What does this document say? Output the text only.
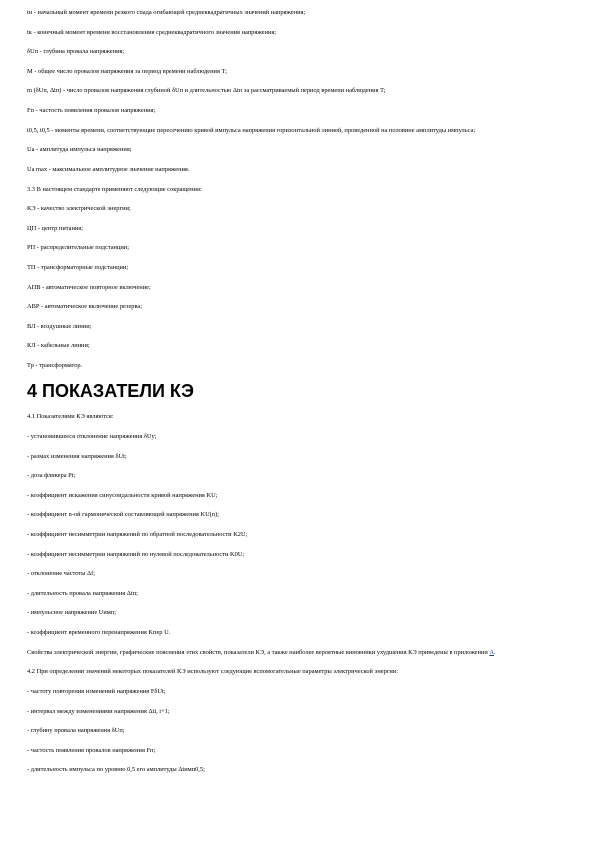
tн - начальный момент времени резкого спада огибающей среднеквадратичных значений напряжения;
tк - конечный момент времени восстановления среднеквадратичного значения напряжения;
δUп - глубина провала напряжения;
M - общее число провалов напряжения за период времени наблюдения T;
m (δUп, Δtп) - число провалов напряжения глубиной δUп и длительностью Δtп за рассматриваемый период времени наблюдения T;
Fп - частость появления провалов напряжения;
t0,5, t0,5 - моменты времени, соответствующие пересечению кривой импульса напряжения горизонтальной линией, проведенной на половине амплитуды импульса;
Uа - амплитуда импульса напряжения;
Uа max - максимальное амплитудное значение напряжения.
3.3 В настоящем стандарте применяют следующие сокращения:
КЭ - качество электрической энергии;
ЦП - центр питания;
РП - распределительные подстанции;
ТП - трансформаторные подстанции;
АПВ - автоматическое повторное включение;
АВР - автоматическое включение резерва;
ВЛ - воздушные линии;
КЛ - кабельные линии;
Тр - трансформатор.
4 ПОКАЗАТЕЛИ КЭ
4.1 Показателями КЭ являются:
- установившееся отклонение напряжения δUу;
- размах изменения напряжения δUt;
- доза фликера Pt;
- коэффициент искажения синусоидальности кривой напряжения KU;
- коэффициент n-ой гармонической составляющей напряжения KU(n);
- коэффициент несимметрии напряжений по обратной последовательности K2U;
- коэффициент несимметрии напряжений по нулевой последовательности K0U;
- отклонение частоты Δf;
- длительность провала напряжения Δtп;
- импульсное напряжение Uимп;
- коэффициент временного перенапряжения Kпер U.
Свойства электрической энергии, графические пояснения этих свойств, показатели КЭ, а также наиболее вероятные виновники ухудшения КЭ приведены в приложении А.
4.2 При определении значений некоторых показателей КЭ используют следующие вспомогательные параметры электрической энергии:
- частоту повторения изменений напряжения FδUt;
- интервал между изменениями напряжения Δti, i+1;
- глубину провала напряжения δUп;
- частость появления провалов напряжения Fп;
- длительность импульса по уровню 0,5 его амплитуды Δtимп0,5;
